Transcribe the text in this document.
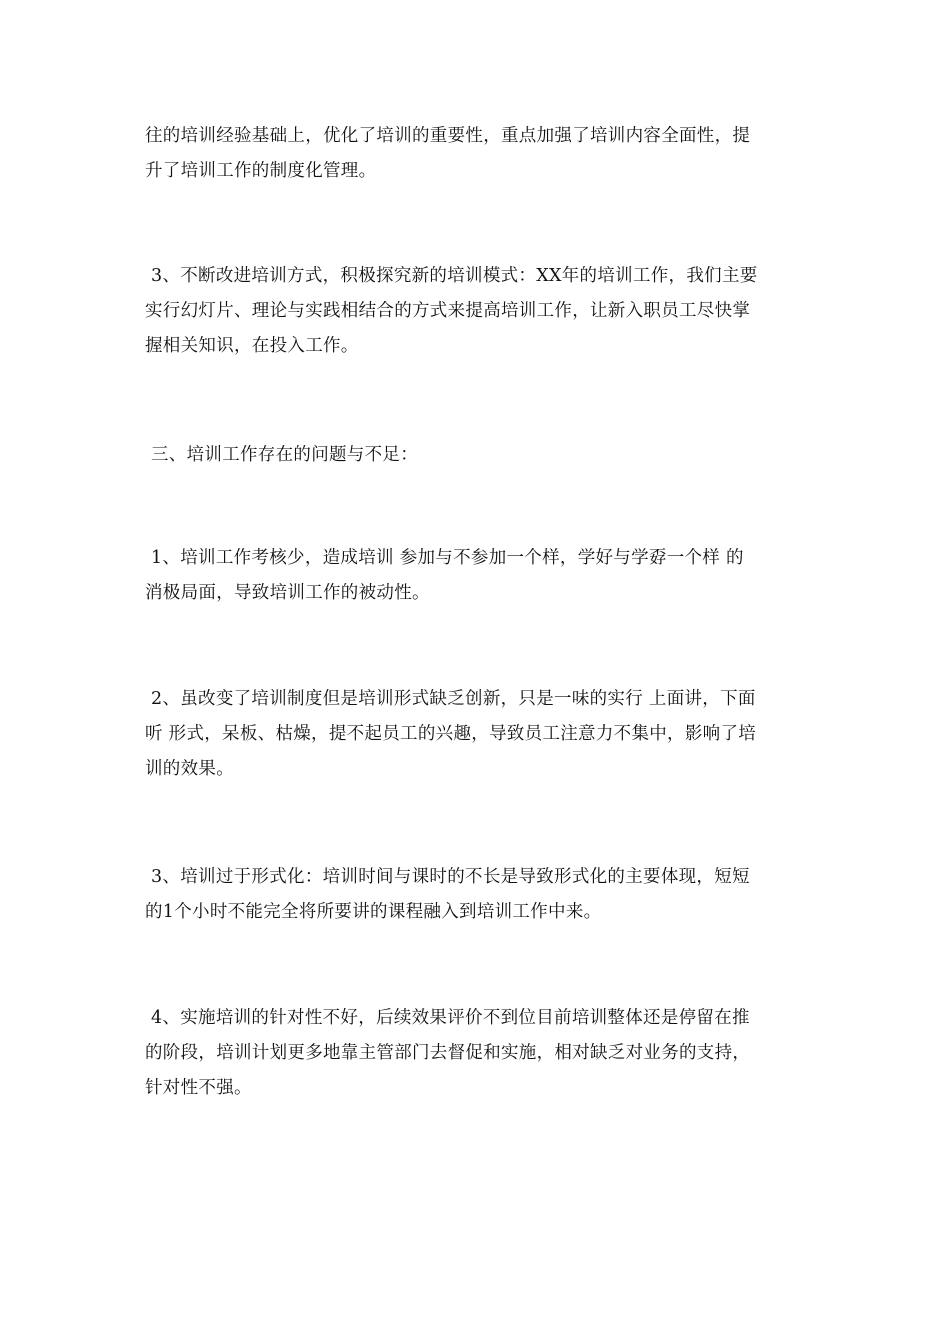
往的培训经验基础上，优化了培训的重要性，重点加强了培训内容全面性，提
升了培训工作的制度化管理。

3、不断改进培训方式，积极探究新的培训模式：XX年的培训工作，我们主要
实行幻灯片、理论与实践相结合的方式来提高培训工作，让新入职员工尽快掌
握相关知识，在投入工作。

三、培训工作存在的问题与不足：

1、培训工作考核少，造成培训 参加与不参加一个样，学好与学孬一个样 的
消极局面，导致培训工作的被动性。

2、虽改变了培训制度但是培训形式缺乏创新，只是一味的实行 上面讲，下面
听 形式，呆板、枯燥，提不起员工的兴趣，导致员工注意力不集中，影响了培
训的效果。

3、培训过于形式化：培训时间与课时的不长是导致形式化的主要体现，短短
的1个小时不能完全将所要讲的课程融入到培训工作中来。

4、实施培训的针对性不好，后续效果评价不到位目前培训整体还是停留在推
的阶段，培训计划更多地靠主管部门去督促和实施，相对缺乏对业务的支持，
针对性不强。
